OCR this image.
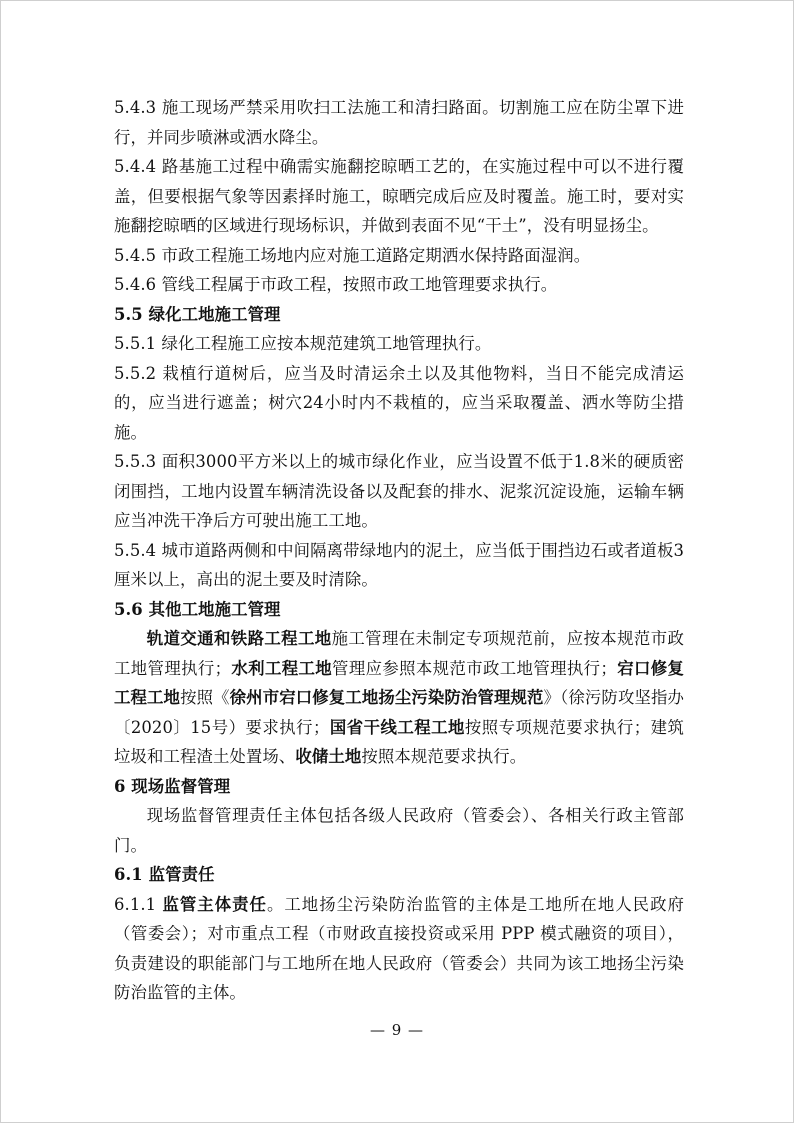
5.4.3 施工现场严禁采用吹扫工法施工和清扫路面。切割施工应在防尘罩下进行，并同步喷淋或洒水降尘。

5.4.4 路基施工过程中确需实施翻挖晾晒工艺的，在实施过程中可以不进行覆盖，但要根据气象等因素择时施工，晾晒完成后应及时覆盖。施工时，要对实施翻挖晾晒的区域进行现场标识，并做到表面不见“干土”，没有明显扬尘。

5.4.5 市政工程施工场地内应对施工道路定期洒水保持路面湿润。

5.4.6 管线工程属于市政工程，按照市政工地管理要求执行。

5.5 绿化工地施工管理

5.5.1 绿化工程施工应按本规范建筑工地管理执行。

5.5.2 栽植行道树后，应当及时清运余土以及其他物料，当日不能完成清运的，应当进行遮盖；树穴24小时内不栽植的，应当采取覆盖、洒水等防尘措施。

5.5.3 面积3000平方米以上的城市绿化作业，应当设置不低于1.8米的硬质密闭围挡，工地内设置车辆清洗设备以及配套的排水、泥浆沉淀设施，运输车辆应当冲洗干净后方可驶出施工工地。

5.5.4 城市道路两侧和中间隔离带绿地内的泥土，应当低于围挡边石或者道板3厘米以上，高出的泥土要及时清除。

5.6 其他工地施工管理

轨道交通和铁路工程工地施工管理在未制定专项规范前，应按本规范市政工地管理执行；水利工程工地管理应参照本规范市政工地管理执行；宕口修复工程工地按照《徐州市宕口修复工地扬尘污染防治管理规范》（徐污防攻坚指办〔2020〕15号）要求执行；国省干线工程工地按照专项规范要求执行；建筑垃圾和工程渣土处置场、收储土地按照本规范要求执行。

6 现场监督管理

现场监督管理责任主体包括各级人民政府（管委会）、各相关行政主管部门。

6.1 监管责任

6.1.1 监管主体责任。工地扬尘污染防治监管的主体是工地所在地人民政府（管委会）；对市重点工程（市财政直接投资或采用 PPP 模式融资的项目），负责建设的职能部门与工地所在地人民政府（管委会）共同为该工地扬尘污染防治监管的主体。

— 9 —
